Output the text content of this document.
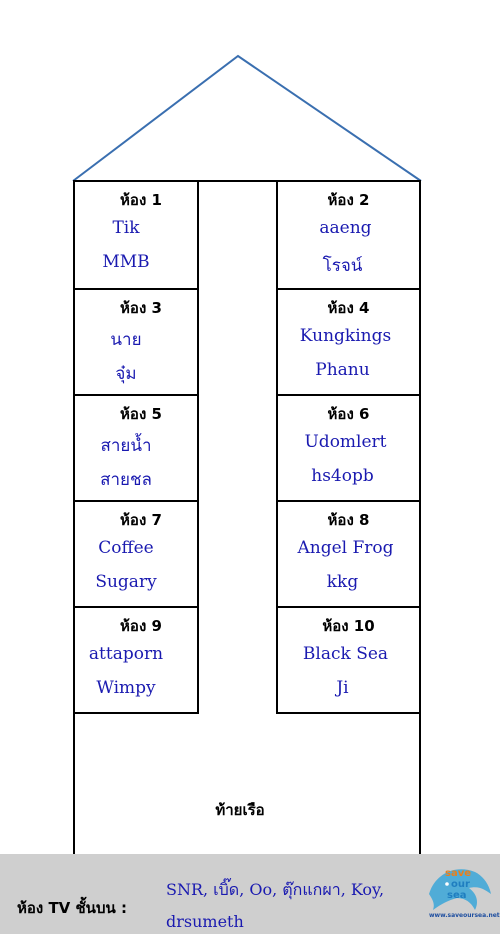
ท้ายเรือ
ห้อง 1
Tik
MMB
ห้อง 2
aaeng
โรจน์
ห้อง 3
นาย
จุ๋ม
ห้อง 4
Kungkings
Phanu
ห้อง 5
สายน้ำ
สายชล
ห้อง 6
Udomlert
hs4opb
ห้อง 7
Coffee
Sugary
ห้อง 8
Angel Frog
kkg
ห้อง 9
attaporn
Wimpy
ห้อง 10
Black Sea
Ji
ห้อง TV ชั้นบน :
SNR, เบิ๊ด, Oo, ตุ๊กแกผา, Koy, drsumeth
save
our
sea
www.saveoursea.net
